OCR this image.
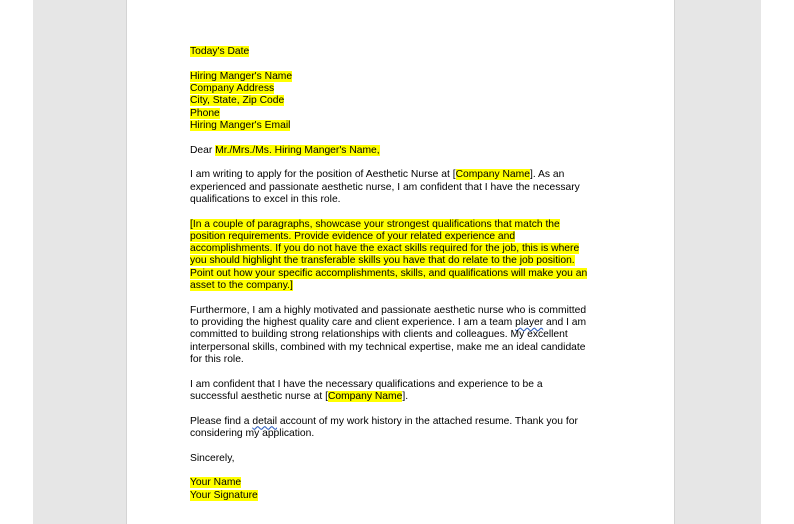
Today's Date
Hiring Manger's Name
Company Address
City, State, Zip Code
Phone
Hiring Manger's Email
Dear Mr./Mrs./Ms. Hiring Manger's Name,
I am writing to apply for the position of Aesthetic Nurse at [Company Name]. As an
experienced and passionate aesthetic nurse, I am confident that I have the necessary
qualifications to excel in this role.
[In a couple of paragraphs, showcase your strongest qualifications that match the
position requirements. Provide evidence of your related experience and
accomplishments. If you do not have the exact skills required for the job, this is where
you should highlight the transferable skills you have that do relate to the job position.
Point out how your specific accomplishments, skills, and qualifications will make you an
asset to the company.]
Furthermore, I am a highly motivated and passionate aesthetic nurse who is committed
to providing the highest quality care and client experience. I am a team player and I am
committed to building strong relationships with clients and colleagues. My excellent
interpersonal skills, combined with my technical expertise, make me an ideal candidate
for this role.
I am confident that I have the necessary qualifications and experience to be a
successful aesthetic nurse at [Company Name].
Please find a detail account of my work history in the attached resume. Thank you for
considering my application.
Sincerely,
Your Name
Your Signature
